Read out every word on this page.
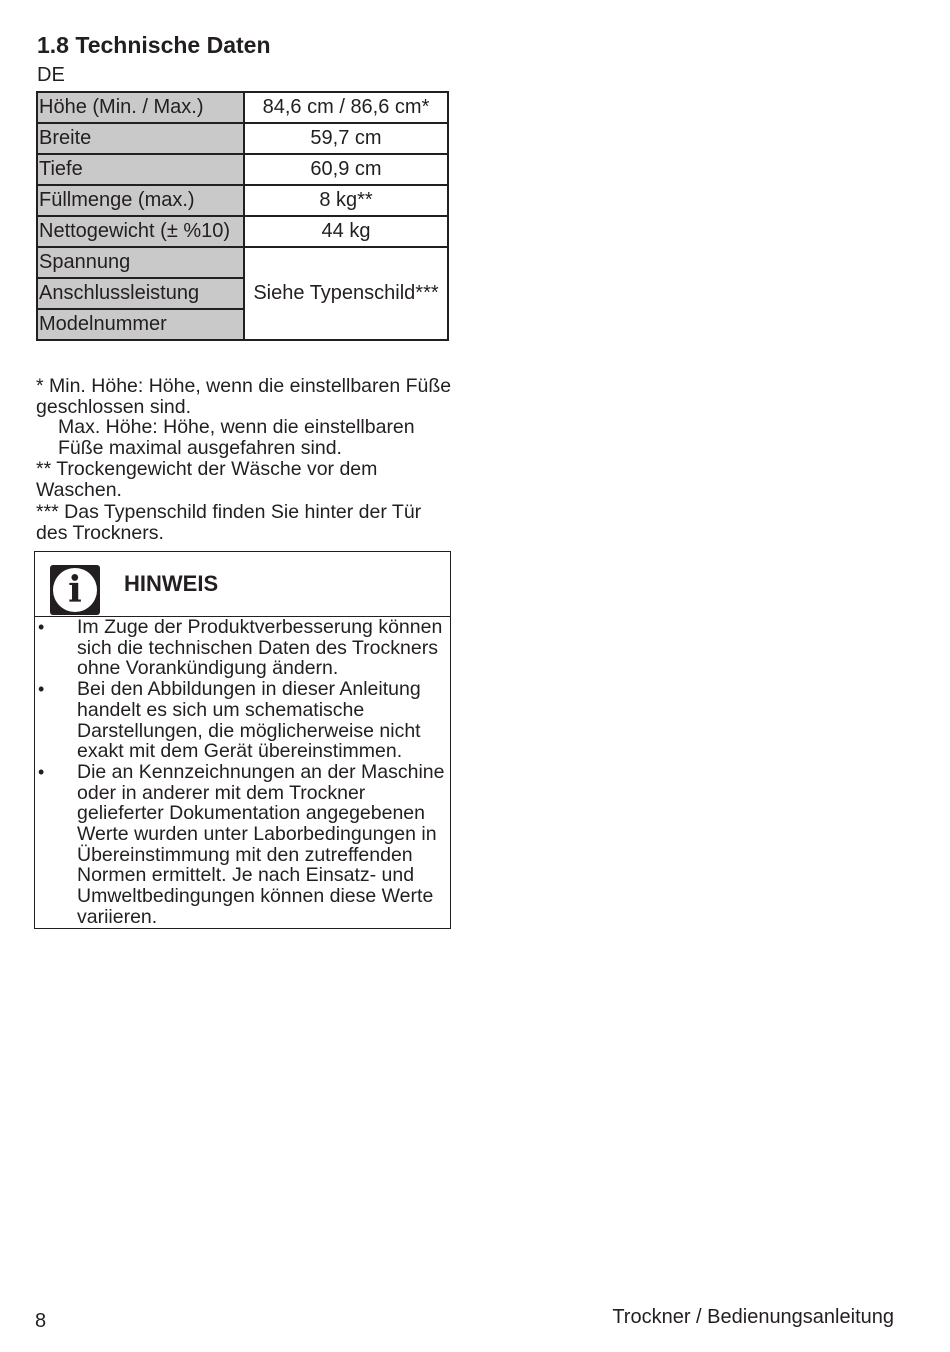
1.8 Technische Daten
DE
Höhe (Min. / Max.)	84,6 cm / 86,6 cm*
Breite	59,7 cm
Tiefe	60,9 cm
Füllmenge (max.)	8 kg**
Nettogewicht (± %10)	44 kg
Spannung	Siehe Typenschild***
Anschlussleistung	
Modelnummer	

* Min. Höhe: Höhe, wenn die einstellbaren Füße geschlossen sind.

Max. Höhe: Höhe, wenn die einstellbaren Füße maximal ausgefahren sind.

** Trockengewicht der Wäsche vor dem Waschen.

*** Das Typenschild finden Sie hinter der Tür des Trockners.

i	HINWEIS
• Im Zuge der Produktverbesserung können sich die technischen Daten des Trockners ohne Vorankündigung ändern.
• Bei den Abbildungen in dieser Anleitung handelt es sich um schematische Darstellungen, die möglicherweise nicht exakt mit dem Gerät übereinstimmen.
• Die an Kennzeichnungen an der Maschine oder in anderer mit dem Trockner gelieferter Dokumentation angegebenen Werte wurden unter Laborbedingungen in Übereinstimmung mit den zutreffenden Normen ermittelt. Je nach Einsatz- und Umweltbedingungen können diese Werte variieren.
8	Trockner / Bedienungsanleitung
